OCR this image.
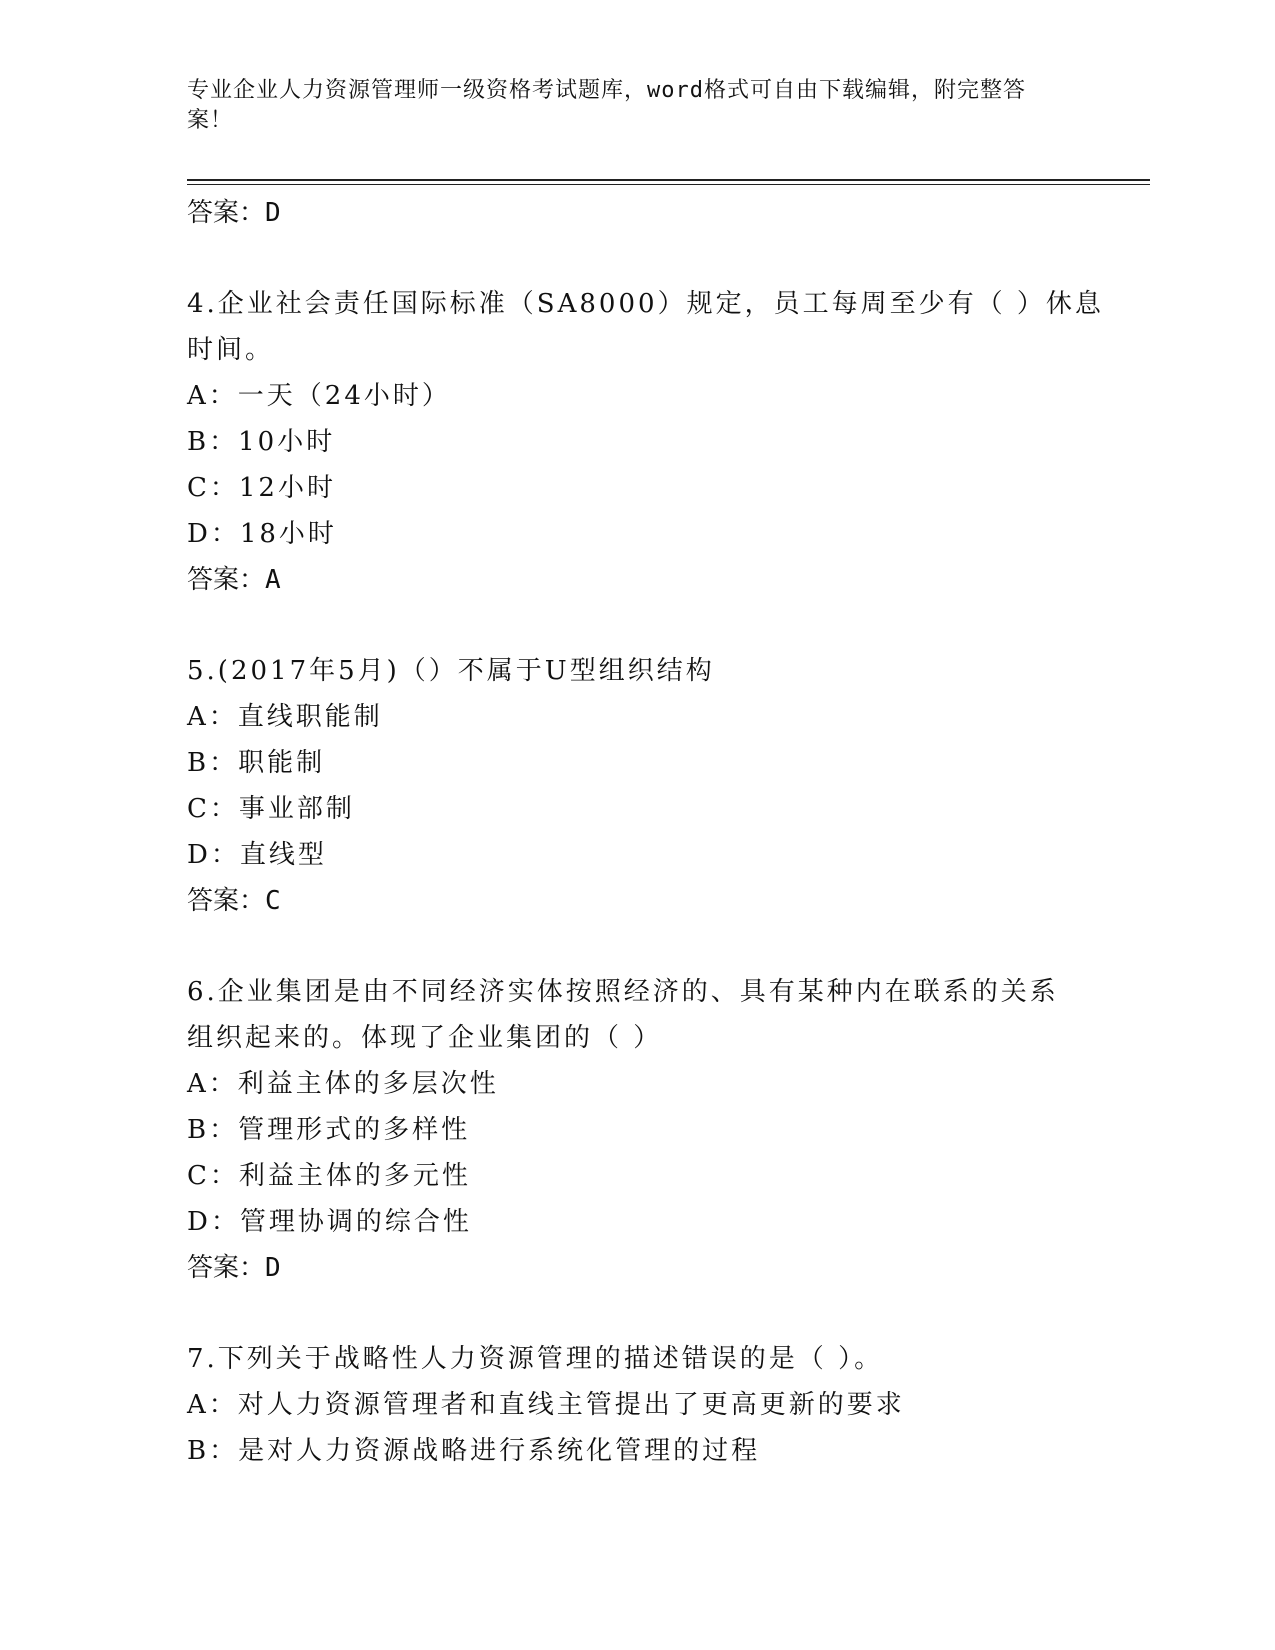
专业企业人力资源管理师一级资格考试题库，word格式可自由下载编辑，附完整答案！
答案：D
4.企业社会责任国际标准（SA8000）规定，员工每周至少有（ ）休息
时间。
A：一天（24小时）
B：10小时
C：12小时
D：18小时
答案：A
5.(2017年5月)（）不属于U型组织结构
A：直线职能制
B：职能制
C：事业部制
D：直线型
答案：C
6.企业集团是由不同经济实体按照经济的、具有某种内在联系的关系
组织起来的。体现了企业集团的（ ）
A：利益主体的多层次性
B：管理形式的多样性
C：利益主体的多元性
D：管理协调的综合性
答案：D
7.下列关于战略性人力资源管理的描述错误的是（ ）。
A：对人力资源管理者和直线主管提出了更高更新的要求
B：是对人力资源战略进行系统化管理的过程
